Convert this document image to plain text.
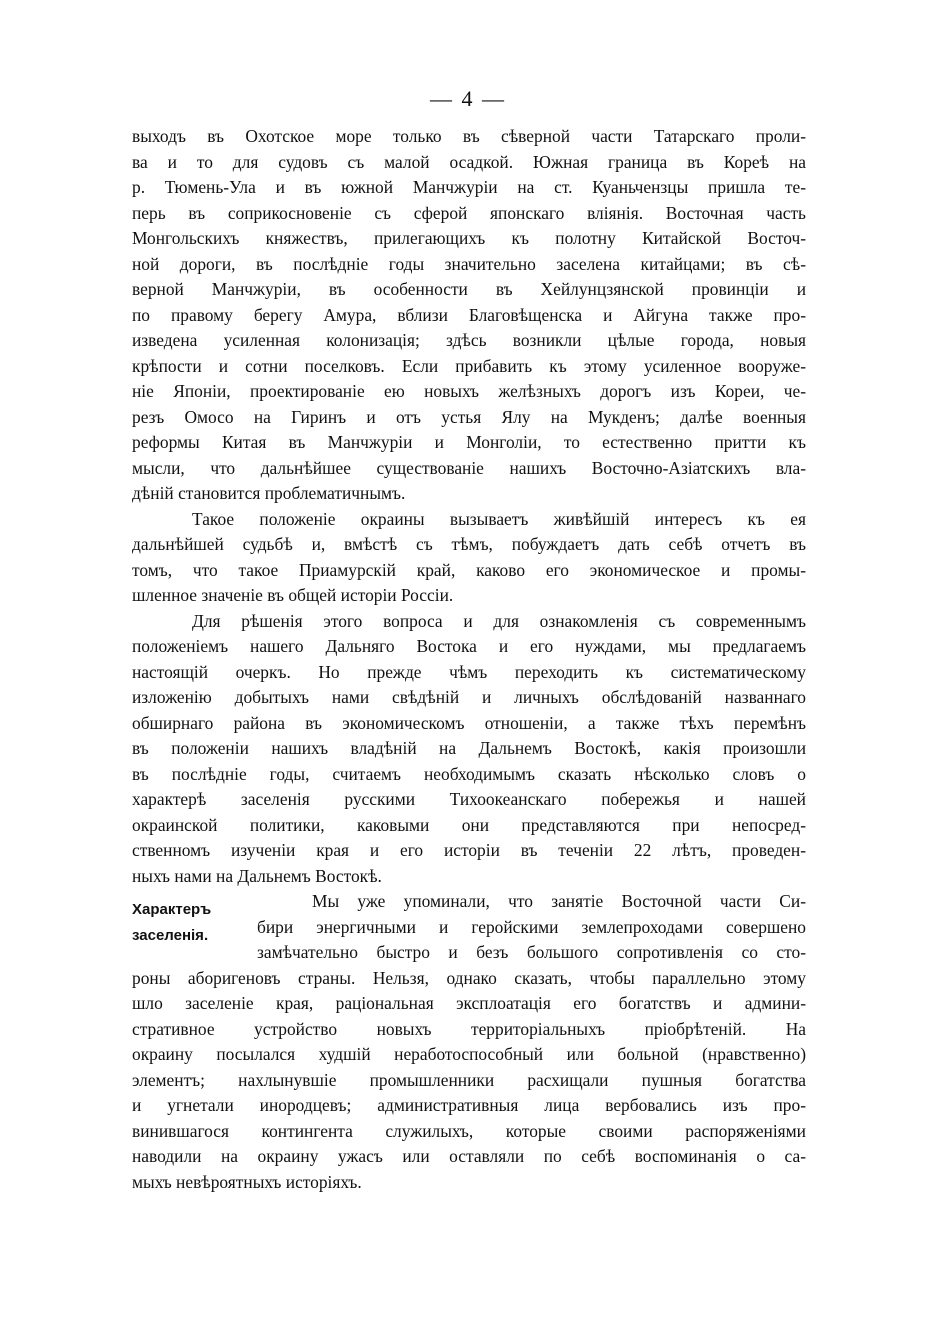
— 4 —
выходъ въ Охотское море только въ сѣверной части Татарскаго проли-
ва и то для судовъ съ малой осадкой. Южная граница въ Кореѣ на
р. Тюмень-Ула и въ южной Манчжуріи на ст. Куаньчензцы пришла те-
перь въ соприкосновеніе съ сферой японскаго вліянія. Восточная часть
Монгольскихъ княжествъ, прилегающихъ къ полотну Китайской Восточ-
ной дороги, въ послѣдніе годы значительно заселена китайцами; въ сѣ-
верной Манчжуріи, въ особенности въ Хейлунцзянской провинціи и
по правому берегу Амура, вблизи Благовѣщенска и Айгуна также про-
изведена усиленная колонизація; здѣсь возникли цѣлые города, новыя
крѣпости и сотни поселковъ. Если прибавить къ этому усиленное вооруже-
ніе Японіи, проектированіе ею новыхъ желѣзныхъ дорогъ изъ Кореи, че-
резъ Омосо на Гиринъ и отъ устья Ялу на Мукденъ; далѣе военныя
реформы Китая въ Манчжуріи и Монголіи, то естественно притти къ
мысли, что дальнѣйшее существованіе нашихъ Восточно-Азіатскихъ вла-
дѣній становится проблематичнымъ.
Такое положеніе окраины вызываетъ живѣйшій интересъ къ ея
дальнѣйшей судьбѣ и, вмѣстѣ съ тѣмъ, побуждаетъ дать себѣ отчетъ въ
томъ, что такое Приамурскій край, каково его экономическое и промы-
шленное значеніе въ общей исторіи Россіи.
Для рѣшенія этого вопроса и для ознакомленія съ современнымъ
положеніемъ нашего Дальняго Востока и его нуждами, мы предлагаемъ
настоящій очеркъ. Но прежде чѣмъ переходить къ систематическому
изложенію добытыхъ нами свѣдѣній и личныхъ обслѣдованій названнаго
обширнаго района въ экономическомъ отношеніи, а также тѣхъ перемѣнъ
въ положеніи нашихъ владѣній на Дальнемъ Востокѣ, какія произошли
въ послѣдніе годы, считаемъ необходимымъ сказать нѣсколько словъ о
характерѣ заселенія русскими Тихоокеанскаго побережья и нашей
окраинской политики, каковыми они представляются при непосред-
ственномъ изученіи края и его исторіи въ теченіи 22 лѣтъ, проведен-
ныхъ нами на Дальнемъ Востокѣ.
Характеръ
заселенія.
Мы уже упоминали, что занятіе Восточной части Си-
бири энергичными и геройскими землепроходами совершено
замѣчательно быстро и безъ большого сопротивленія со сто-
роны аборигеновъ страны. Нельзя, однако сказать, чтобы параллельно этому
шло заселеніе края, раціональная эксплоатація его богатствъ и админи-
стративное устройство новыхъ территоріальныхъ пріобрѣтеній. На
окраину посылался худшій неработоспособный или больной (нравственно)
элементъ; нахлынувшіе промышленники расхищали пушныя богатства
и угнетали инородцевъ; административныя лица вербовались изъ про-
винившагося контингента служилыхъ, которые своими распоряженіями
наводили на окраину ужасъ или оставляли по себѣ воспоминанія о са-
мыхъ невѣроятныхъ исторіяхъ.
